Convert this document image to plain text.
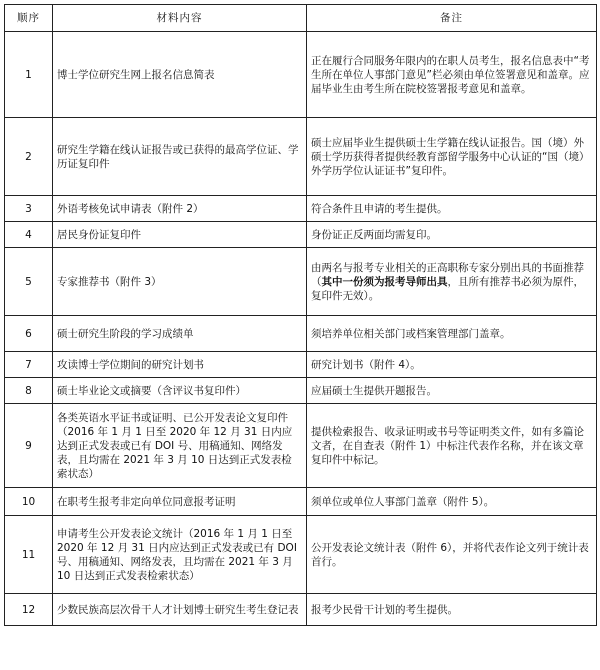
顺序	材料内容	备注
1	博士学位研究生网上报名信息简表	正在履行合同服务年限内的在职人员考生，报名信息表中“考生所在单位人事部门意见”栏必须由单位签署意见和盖章。应届毕业生由考生所在院校签署报考意见和盖章。
2	研究生学籍在线认证报告或已获得的最高学位证、学历证复印件	硕士应届毕业生提供硕士生学籍在线认证报告。国（境）外硕士学历获得者提供经教育部留学服务中心认证的“国（境）外学历学位认证证书”复印件。
3	外语考核免试申请表（附件 2）	符合条件且申请的考生提供。
4	居民身份证复印件	身份证正反两面均需复印。
5	专家推荐书（附件 3）	由两名与报考专业相关的正高职称专家分别出具的书面推荐（其中一份须为报考导师出具，且所有推荐书必须为原件，复印件无效）。
6	硕士研究生阶段的学习成绩单	须培养单位相关部门或档案管理部门盖章。
7	攻读博士学位期间的研究计划书	研究计划书（附件 4）。
8	硕士毕业论文或摘要（含评议书复印件）	应届硕士生提供开题报告。
9	各类英语水平证书或证明、已公开发表论文复印件（2016 年 1 月 1 日至 2020 年 12 月 31 日内应达到正式发表或已有 DOI 号、用稿通知、网络发表，且均需在 2021 年 3 月 10 日达到正式发表检索状态）	提供检索报告、收录证明或书号等证明类文件，如有多篇论文者，在自查表（附件 1）中标注代表作名称，并在该文章复印件中标记。
10	在职考生报考非定向单位同意报考证明	须单位或单位人事部门盖章（附件 5）。
11	申请考生公开发表论文统计（2016 年 1 月 1 日至 2020 年 12 月 31 日内应达到正式发表或已有 DOI 号、用稿通知、网络发表，且均需在 2021 年 3 月 10 日达到正式发表检索状态）	公开发表论文统计表（附件 6），并将代表作论文列于统计表首行。
12	少数民族高层次骨干人才计划博士研究生考生登记表	报考少民骨干计划的考生提供。
